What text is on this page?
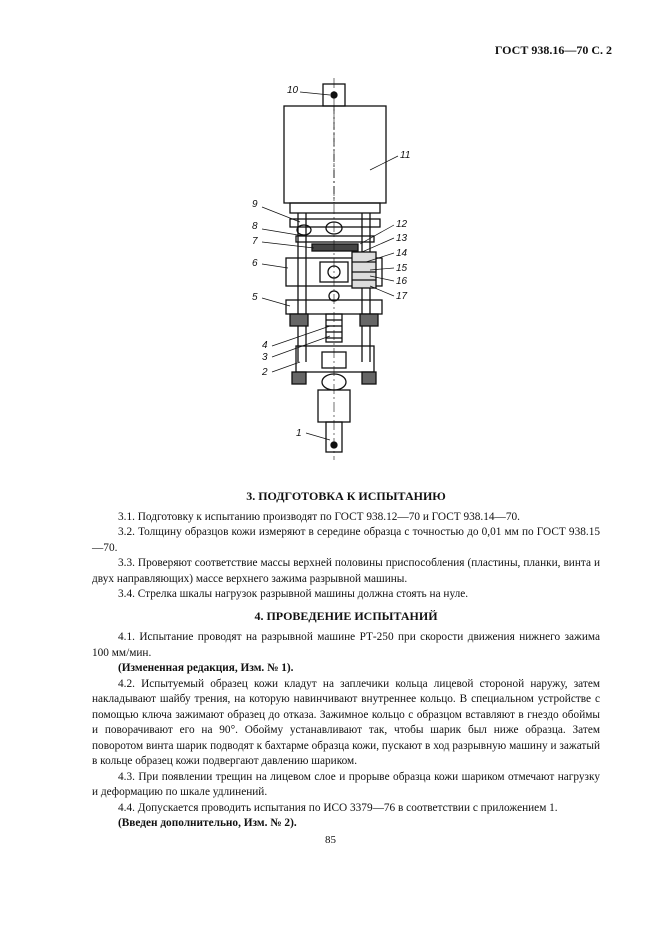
ГОСТ 938.16—70 С. 2
10
11
9
8
7
6
5
4
3
2
1
12
13
14
15
16
17
3. ПОДГОТОВКА К ИСПЫТАНИЮ

3.1. Подготовку к испытанию производят по ГОСТ 938.12—70 и ГОСТ 938.14—70.

3.2. Толщину образцов кожи измеряют в середине образца с точностью до 0,01 мм по ГОСТ 938.15—70.

3.3. Проверяют соответствие массы верхней половины приспособления (пластины, планки, винта и двух направляющих) массе верхнего зажима разрывной машины.

3.4. Стрелка шкалы нагрузок разрывной машины должна стоять на нуле.

4. ПРОВЕДЕНИЕ ИСПЫТАНИЙ

4.1. Испытание проводят на разрывной машине РТ-250 при скорости движения нижнего зажима 100 мм/мин.

(Измененная редакция, Изм. № 1).

4.2. Испытуемый образец кожи кладут на заплечики кольца лицевой стороной наружу, затем накладывают шайбу трения, на которую навинчивают внутреннее кольцо. В специальном устройстве с помощью ключа зажимают образец до отказа. Зажимное кольцо с образцом вставляют в гнездо обоймы и поворачивают его на 90°. Обойму устанавливают так, чтобы шарик был ниже образца. Затем поворотом винта шарик подводят к бахтарме образца кожи, пускают в ход разрывную машину и зажатый в кольце образец кожи подвергают давлению шариком.

4.3. При появлении трещин на лицевом слое и прорыве образца кожи шариком отмечают нагрузку и деформацию по шкале удлинений.

4.4. Допускается проводить испытания по ИСО 3379—76 в соответствии с приложением 1.

(Введен дополнительно, Изм. № 2).

85
